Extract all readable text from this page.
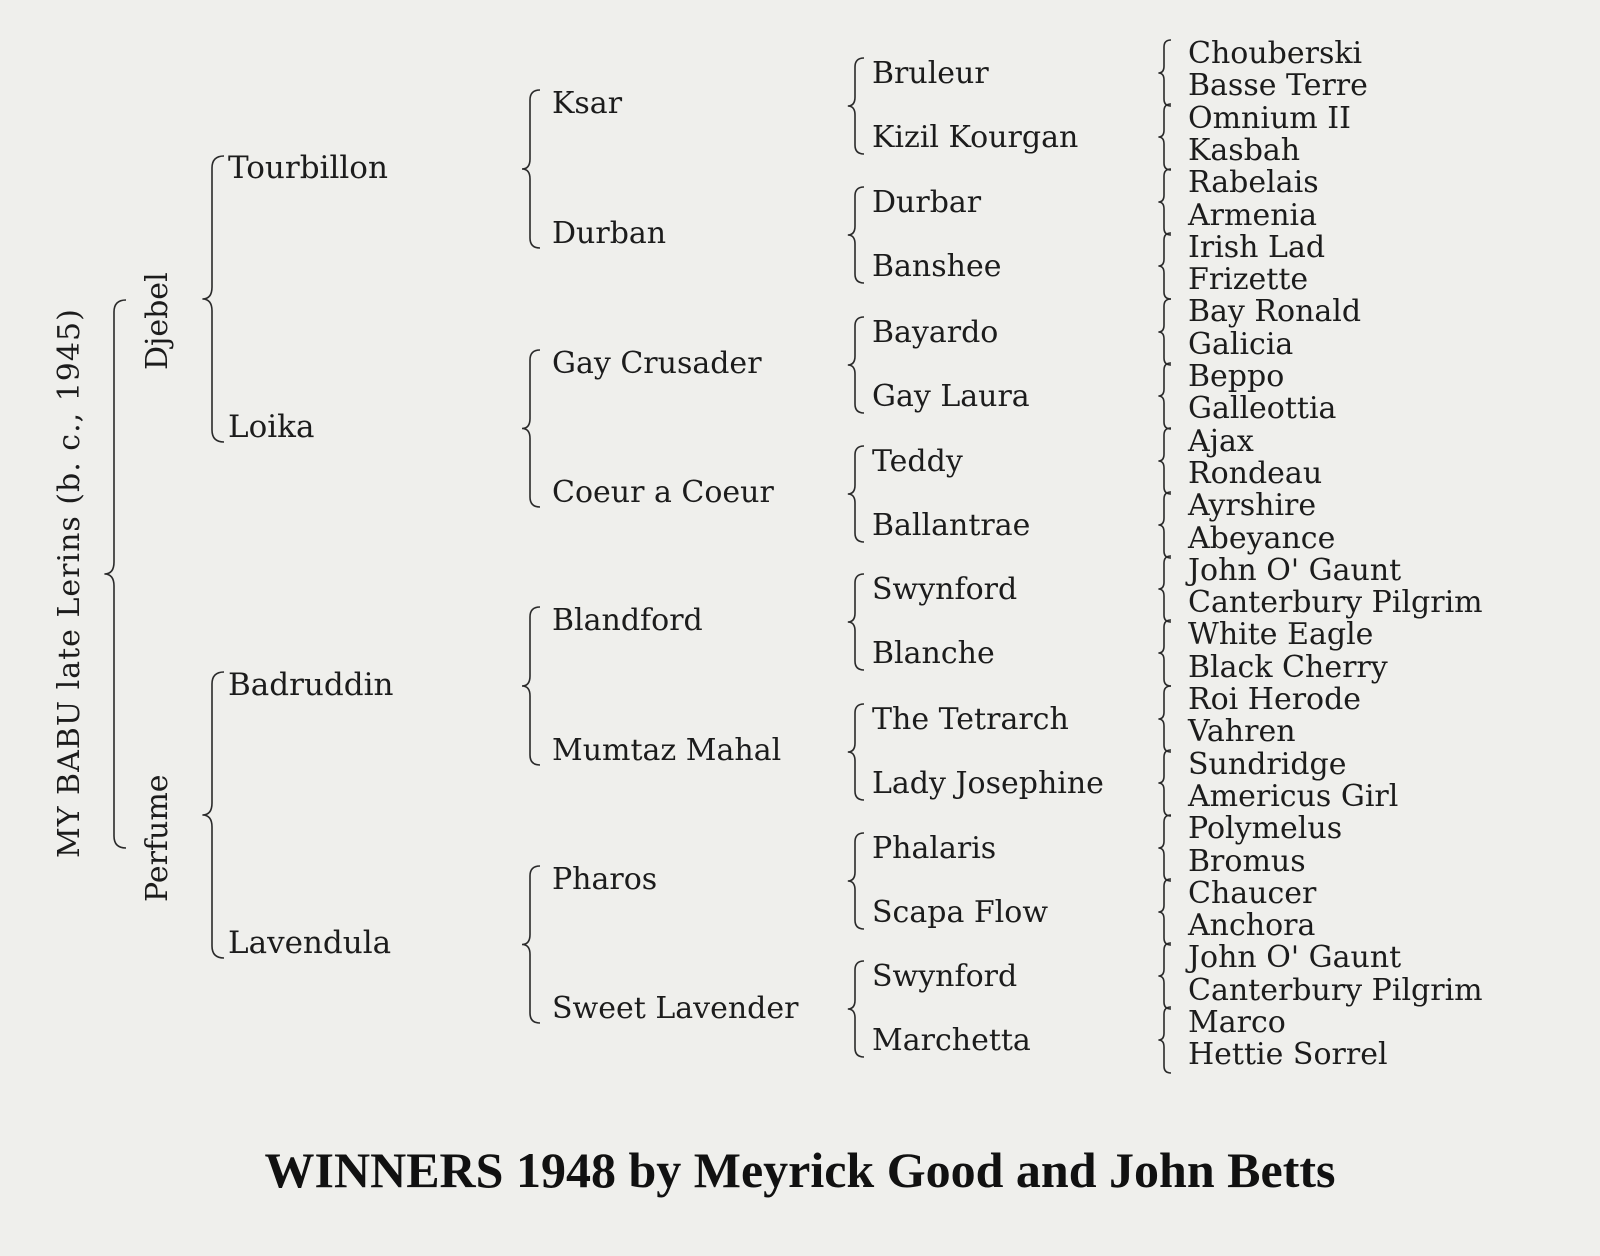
MY BABU late Lerins (b. c., 1945) Djebel
Perfume
Tourbillon
Loika
Badruddin
Lavendula
Ksar
Durban
Gay Crusader
Coeur a Coeur
Blandford
Mumtaz Mahal
Pharos
Sweet Lavender
Bruleur
Kizil Kourgan
Durbar
Banshee
Bayardo
Gay Laura
Teddy
Ballantrae
Swynford
Blanche
The Tetrarch
Lady Josephine
Phalaris
Scapa Flow
Swynford
Marchetta
Chouberski
Basse Terre
Omnium II
Kasbah
Rabelais
Armenia
Irish Lad
Frizette
Bay Ronald
Galicia
Beppo
Galleottia
Ajax
Rondeau
Ayrshire
Abeyance
John O' Gaunt
Canterbury Pilgrim
White Eagle
Black Cherry
Roi Herode
Vahren
Sundridge
Americus Girl
Polymelus
Bromus
Chaucer
Anchora
John O' Gaunt
Canterbury Pilgrim
Marco
Hettie Sorrel
WINNERS 1948 by Meyrick Good and John Betts
